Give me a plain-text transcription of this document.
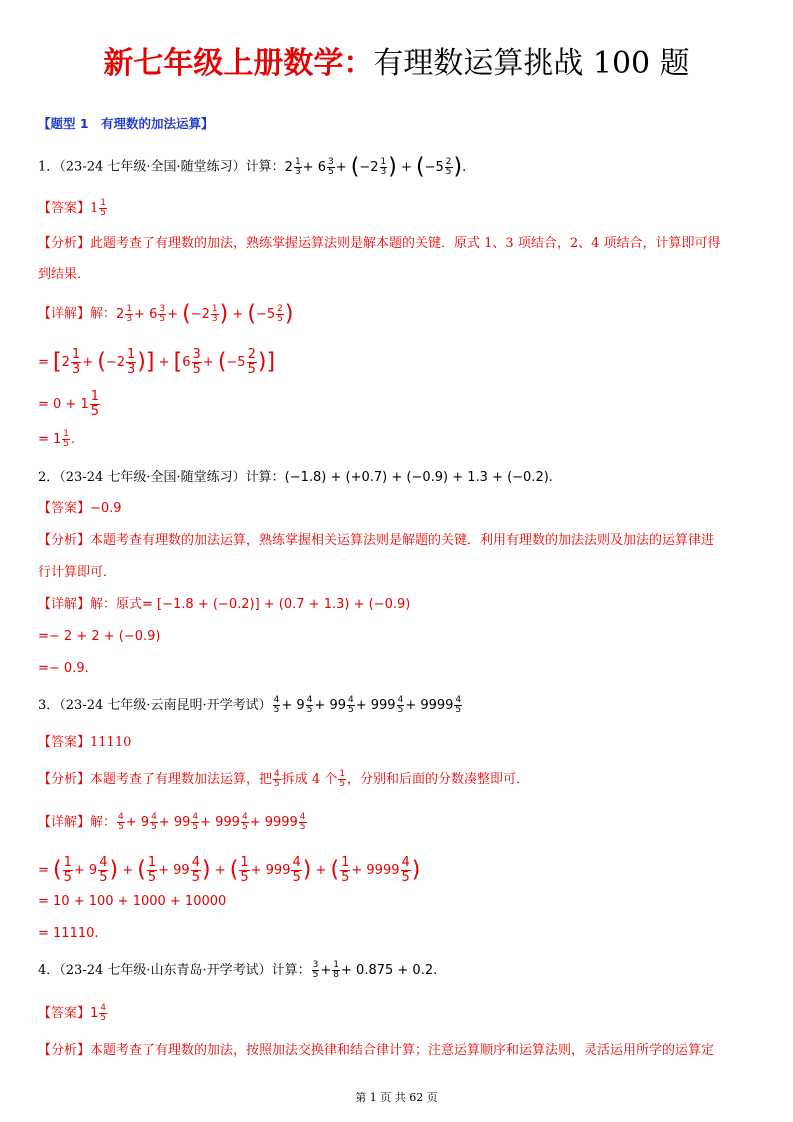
新七年级上册数学：有理数运算挑战 100 题
【题型 1　有理数的加法运算】
1．（23-24 七年级·全国·随堂练习）计算：$2 \frac{1}{3} + 6 \frac{3}{5} + (-2 \frac{1}{3}$ ) + ($-5 \frac{2}{5}$ ).
【答案】$1 \frac{1}{5}$
【分析】此题考查了有理数的加法，熟练掌握运算法则是解本题的关键．原式 1、3 项结合，2、4 项结合，计算即可得
到结果．
【详解】解：$2 \frac{1}{3} + 6 \frac{3}{5} + (-2 \frac{1}{3}$ ) + ($-5 \frac{2}{5}$ )
= [$2 \frac{1}{3} + (-2 \frac{1}{3}$ )] + [$6 \frac{3}{5} + (-5 \frac{2}{5}$ )]
= $0 + 1 \frac{1}{5}$
= $1 \frac{1}{5}$ .
2．（23-24 七年级·全国·随堂练习）计算：(−1.8) + (+0.7) + (−0.9) + 1.3 + (−0.2).
【答案】−0.9
【分析】本题考查有理数的加法运算，熟练掌握相关运算法则是解题的关键．利用有理数的加法法则及加法的运算律进
行计算即可．
【详解】解：原式= [−1.8 + (−0.2)] + (0.7 + 1.3) + (−0.9)
=− 2 + 2 + (−0.9)
=− 0.9.
3．（23-24 七年级·云南昆明·开学考试） $\frac{4}{5} + 9 \frac{4}{5} + 99 \frac{4}{5} + 999 \frac{4}{5} + 9999 \frac{4}{5}$
【答案】11110
【分析】本题考查了有理数加法运算，把 $\frac{4}{5}$ 拆成 4 个 $\frac{1}{5}$ ，分别和后面的分数凑整即可．
【详解】解： $\frac{4}{5} + 9 \frac{4}{5} + 99 \frac{4}{5} + 999 \frac{4}{5} + 9999 \frac{4}{5}$
= ( $\frac{1}{5} + 9 \frac{4}{5}$ ) + ( $\frac{1}{5} + 99 \frac{4}{5}$ ) + ( $\frac{1}{5} + 999 \frac{4}{5}$ ) + ( $\frac{1}{5} + 9999 \frac{4}{5}$ )
= 10 + 100 + 1000 + 10000
= 11110.
4．（23-24 七年级·山东青岛·开学考试）计算： $\frac{3}{5} + \frac{1}{8} + 0.875 + 0.2$.
【答案】$1 \frac{4}{5}$
【分析】本题考查了有理数的加法，按照加法交换律和结合律计算；注意运算顺序和运算法则，灵活运用所学的运算定
第 1 页 共 62 页
